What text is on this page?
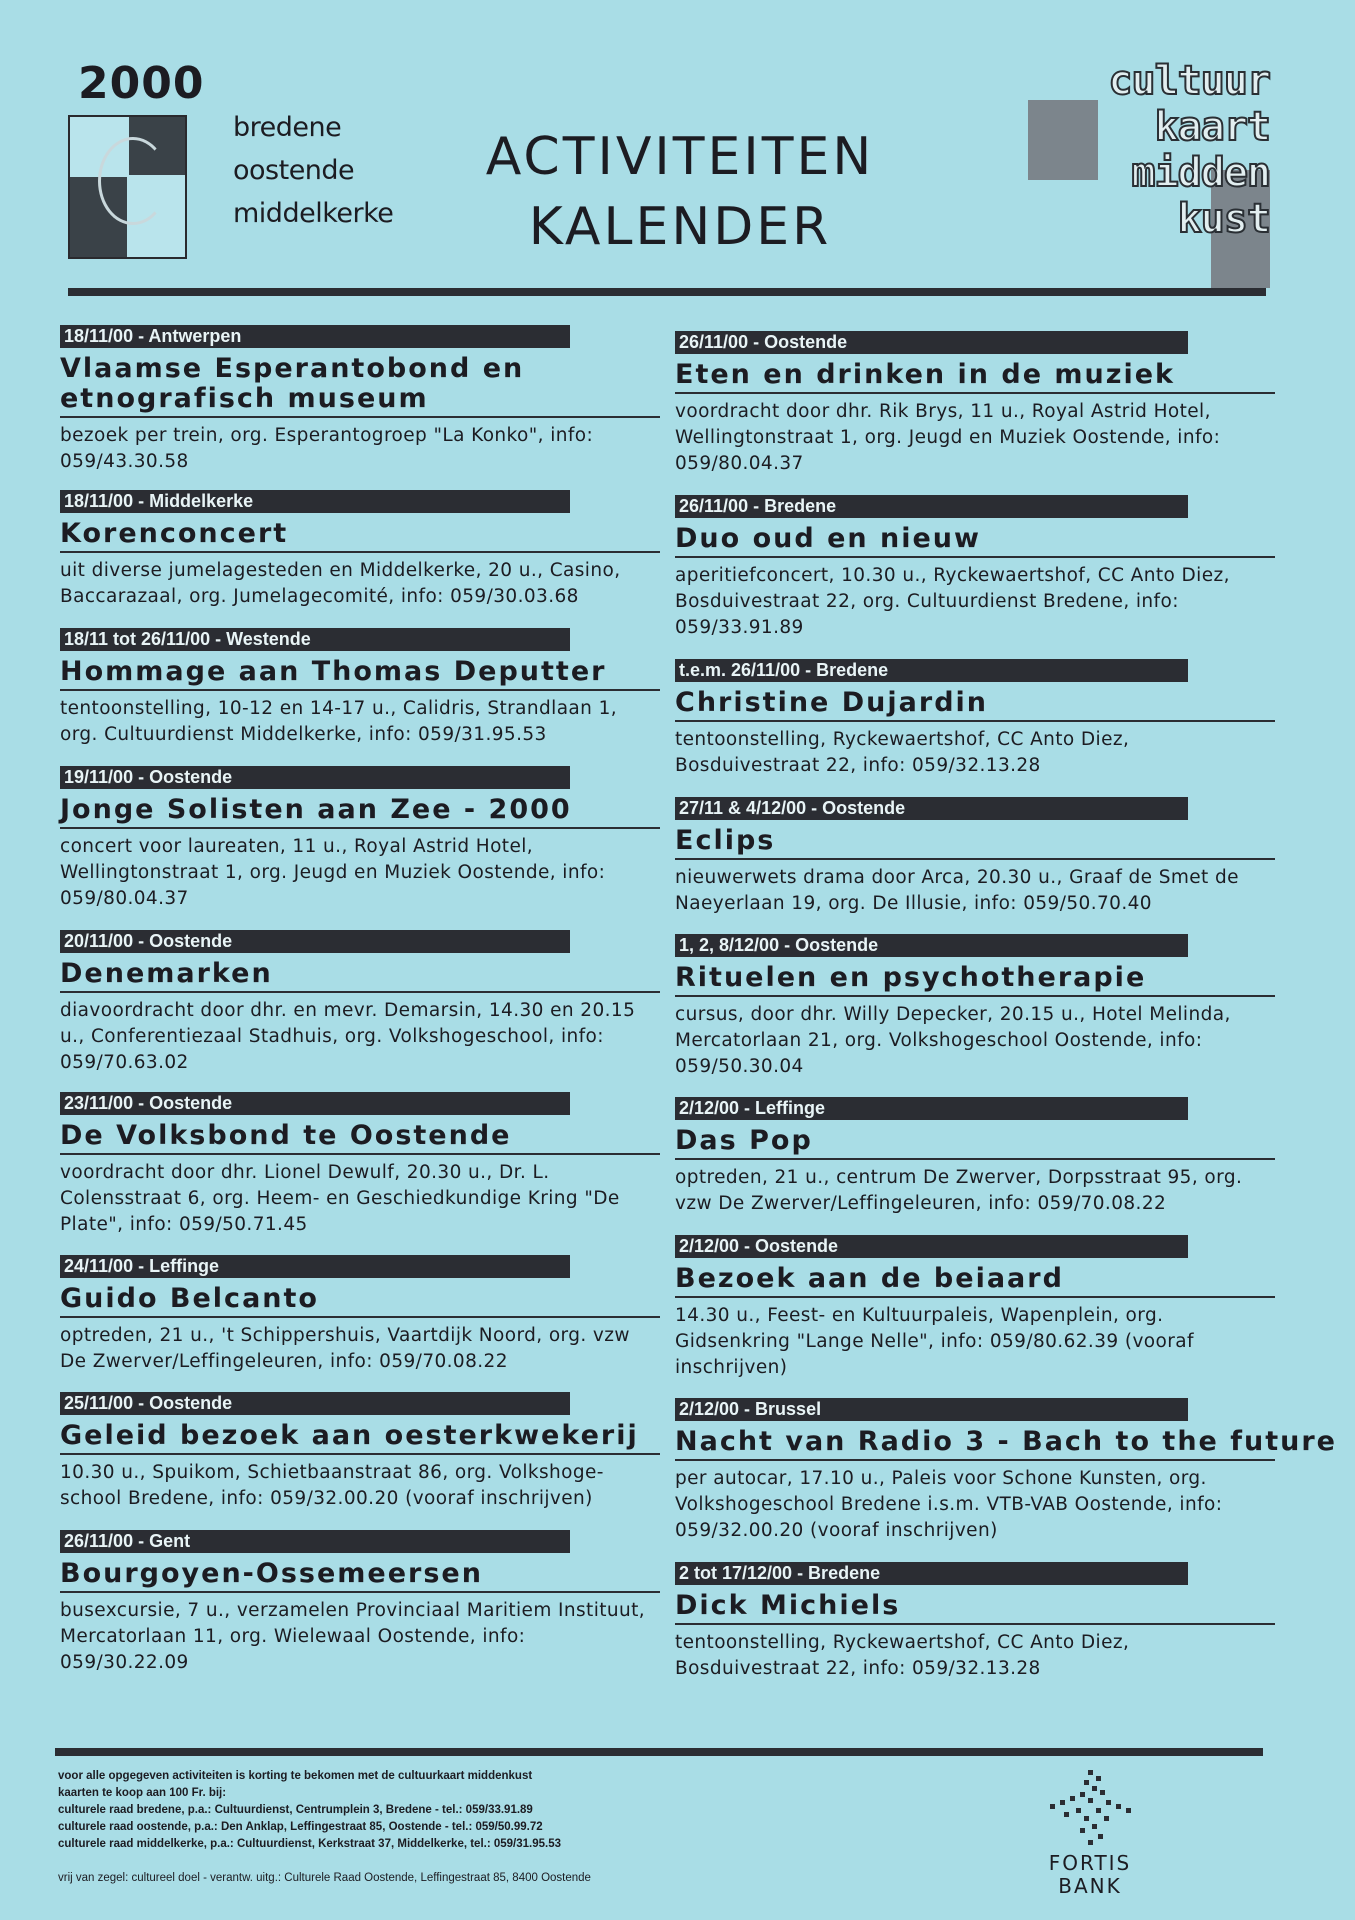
2000
bredene
oostende
middelkerke
ACTIVITEITEN
KALENDER
cultuur
kaart
midden
kust
18/11/00 - Antwerpen
Vlaamse Esperantobond en etnografisch museum
bezoek per trein, org. Esperantogroep "La Konko", info: 059/43.30.58
18/11/00 - Middelkerke
Korenconcert
uit diverse jumelagesteden en Middelkerke, 20 u., Casino, Baccarazaal, org. Jumelagecomité, info: 059/30.03.68
18/11 tot 26/11/00 - Westende
Hommage aan Thomas Deputter
tentoonstelling, 10-12 en 14-17 u., Calidris, Strandlaan 1, org. Cultuurdienst Middelkerke, info: 059/31.95.53
19/11/00 - Oostende
Jonge Solisten aan Zee - 2000
concert voor laureaten, 11 u., Royal Astrid Hotel, Wellingtonstraat 1, org. Jeugd en Muziek Oostende, info: 059/80.04.37
20/11/00 - Oostende
Denemarken
diavoordracht door dhr. en mevr. Demarsin, 14.30 en 20.15 u., Conferentiezaal Stadhuis, org. Volkshogeschool, info: 059/70.63.02
23/11/00 - Oostende
De Volksbond te Oostende
voordracht door dhr. Lionel Dewulf, 20.30 u., Dr. L. Colensstraat 6, org. Heem- en Geschiedkundige Kring "De Plate", info: 059/50.71.45
24/11/00 - Leffinge
Guido Belcanto
optreden, 21 u., 't Schippershuis, Vaartdijk Noord, org. vzw De Zwerver/Leffingeleuren, info: 059/70.08.22
25/11/00 - Oostende
Geleid bezoek aan oesterkwekerij
10.30 u., Spuikom, Schietbaanstraat 86, org. Volkshoge-school Bredene, info: 059/32.00.20 (vooraf inschrijven)
26/11/00 - Gent
Bourgoyen-Ossemeersen
busexcursie, 7 u., verzamelen Provinciaal Maritiem Instituut, Mercatorlaan 11, org. Wielewaal Oostende, info: 059/30.22.09
26/11/00 - Oostende
Eten en drinken in de muziek
voordracht door dhr. Rik Brys, 11 u., Royal Astrid Hotel, Wellingtonstraat 1, org. Jeugd en Muziek Oostende, info: 059/80.04.37
26/11/00 - Bredene
Duo oud en nieuw
aperitiefconcert, 10.30 u., Ryckewaertshof, CC Anto Diez, Bosduivestraat 22, org. Cultuurdienst Bredene, info: 059/33.91.89
t.e.m. 26/11/00 - Bredene
Christine Dujardin
tentoonstelling, Ryckewaertshof, CC Anto Diez, Bosduivestraat 22, info: 059/32.13.28
27/11 & 4/12/00 - Oostende
Eclips
nieuwerwets drama door Arca, 20.30 u., Graaf de Smet de Naeyerlaan 19, org. De Illusie, info: 059/50.70.40
1, 2, 8/12/00 - Oostende
Rituelen en psychotherapie
cursus, door dhr. Willy Depecker, 20.15 u., Hotel Melinda, Mercatorlaan 21, org. Volkshogeschool Oostende, info: 059/50.30.04
2/12/00 - Leffinge
Das Pop
optreden, 21 u., centrum De Zwerver, Dorpsstraat 95, org. vzw De Zwerver/Leffingeleuren, info: 059/70.08.22
2/12/00 - Oostende
Bezoek aan de beiaard
14.30 u., Feest- en Kultuurpaleis, Wapenplein, org. Gidsenkring "Lange Nelle", info: 059/80.62.39 (vooraf inschrijven)
2/12/00 - Brussel
Nacht van Radio 3 - Bach to the future
per autocar, 17.10 u., Paleis voor Schone Kunsten, org. Volkshogeschool Bredene i.s.m. VTB-VAB Oostende, info: 059/32.00.20 (vooraf inschrijven)
2 tot 17/12/00 - Bredene
Dick Michiels
tentoonstelling, Ryckewaertshof, CC Anto Diez, Bosduivestraat 22, info: 059/32.13.28
voor alle opgegeven activiteiten is korting te bekomen met de cultuurkaart middenkust
kaarten te koop aan 100 Fr. bij:
culturele raad bredene, p.a.: Cultuurdienst, Centrumplein 3, Bredene - tel.: 059/33.91.89
culturele raad oostende, p.a.: Den Anklap, Leffingestraat 85, Oostende - tel.: 059/50.99.72
culturele raad middelkerke, p.a.: Cultuurdienst, Kerkstraat 37, Middelkerke, tel.: 059/31.95.53
vrij van zegel: cultureel doel - verantw. uitg.: Culturele Raad Oostende, Leffingestraat 85, 8400 Oostende
FORTIS
BANK
